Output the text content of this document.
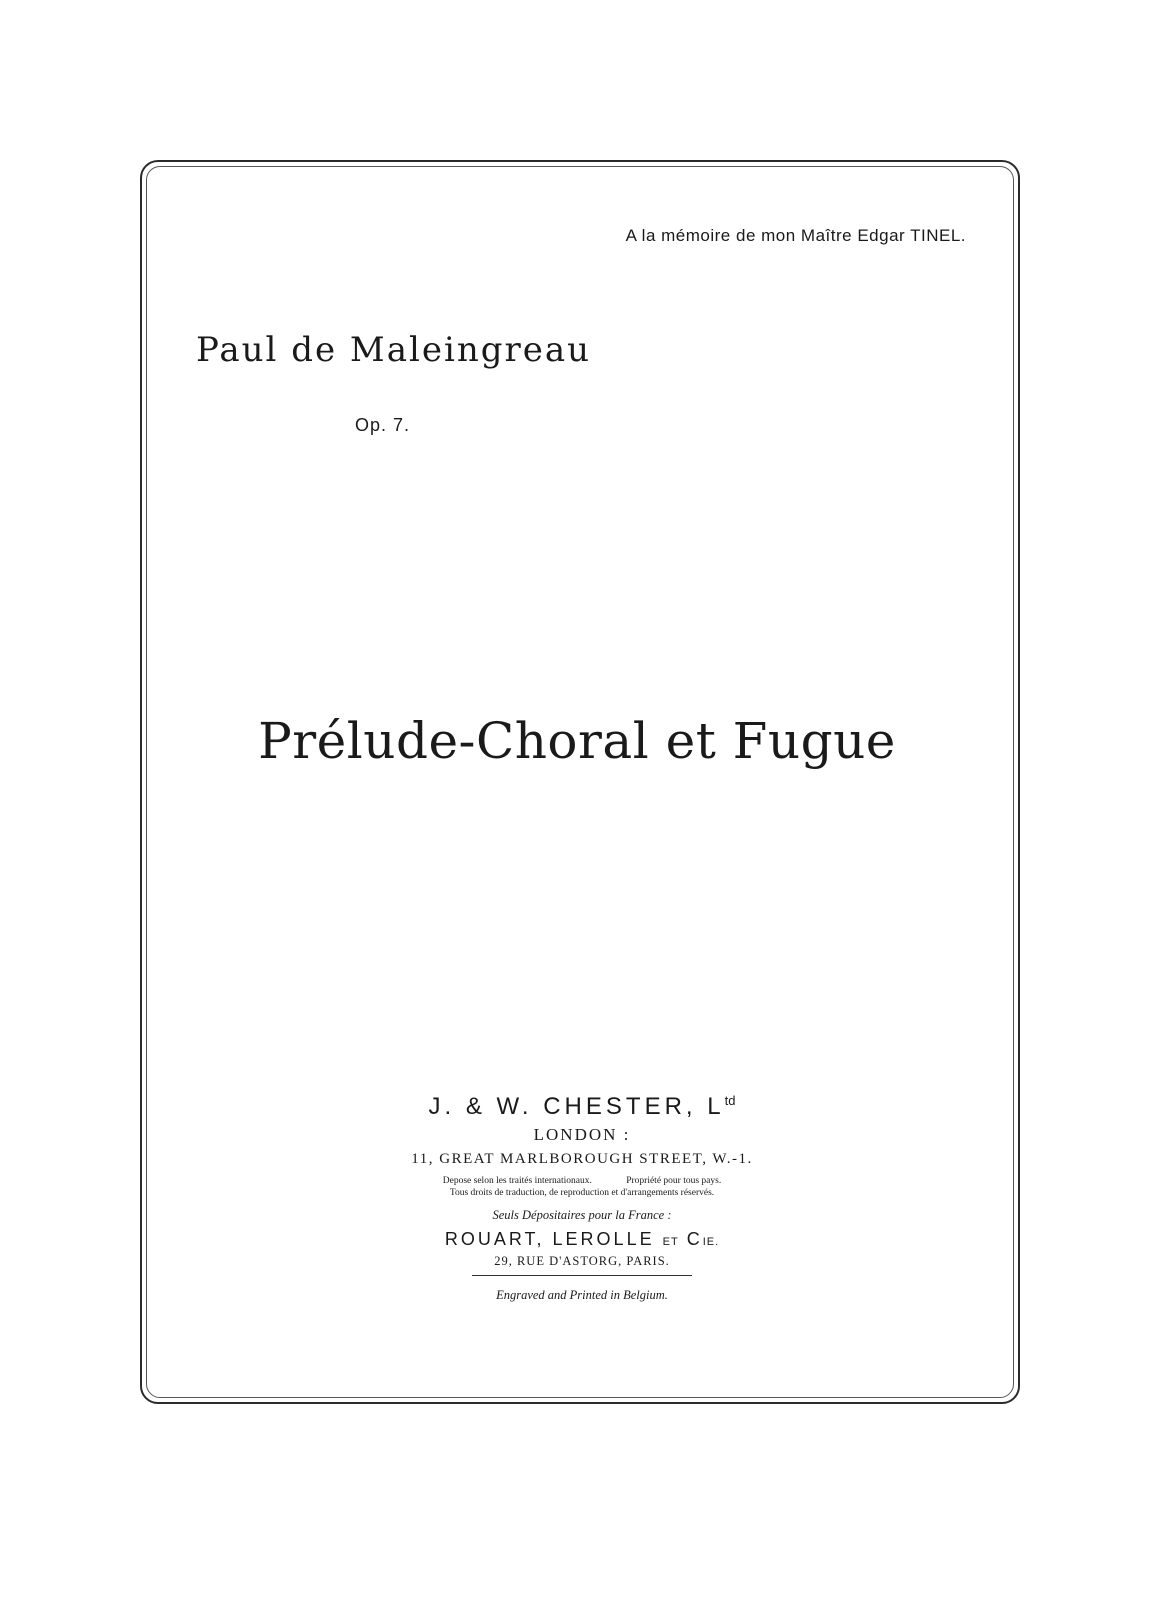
A la mémoire de mon Maître Edgar TINEL.
Paul de Maleingreau
Op. 7.
Prélude-Choral et Fugue
J. & W. CHESTER, $L^{td}$
LONDON :
11, GREAT MARLBOROUGH STREET, W.-1.
Depose selon les traités internationaux.	Propriété pour tous pays.
Tous droits de traduction, de reproduction et d'arrangements réservés.
Seuls Dépositaires pour la France :
ROUART, LEROLLE ET CIE.
29, RUE D'ASTORG, PARIS.
Engraved and Printed in Belgium.
